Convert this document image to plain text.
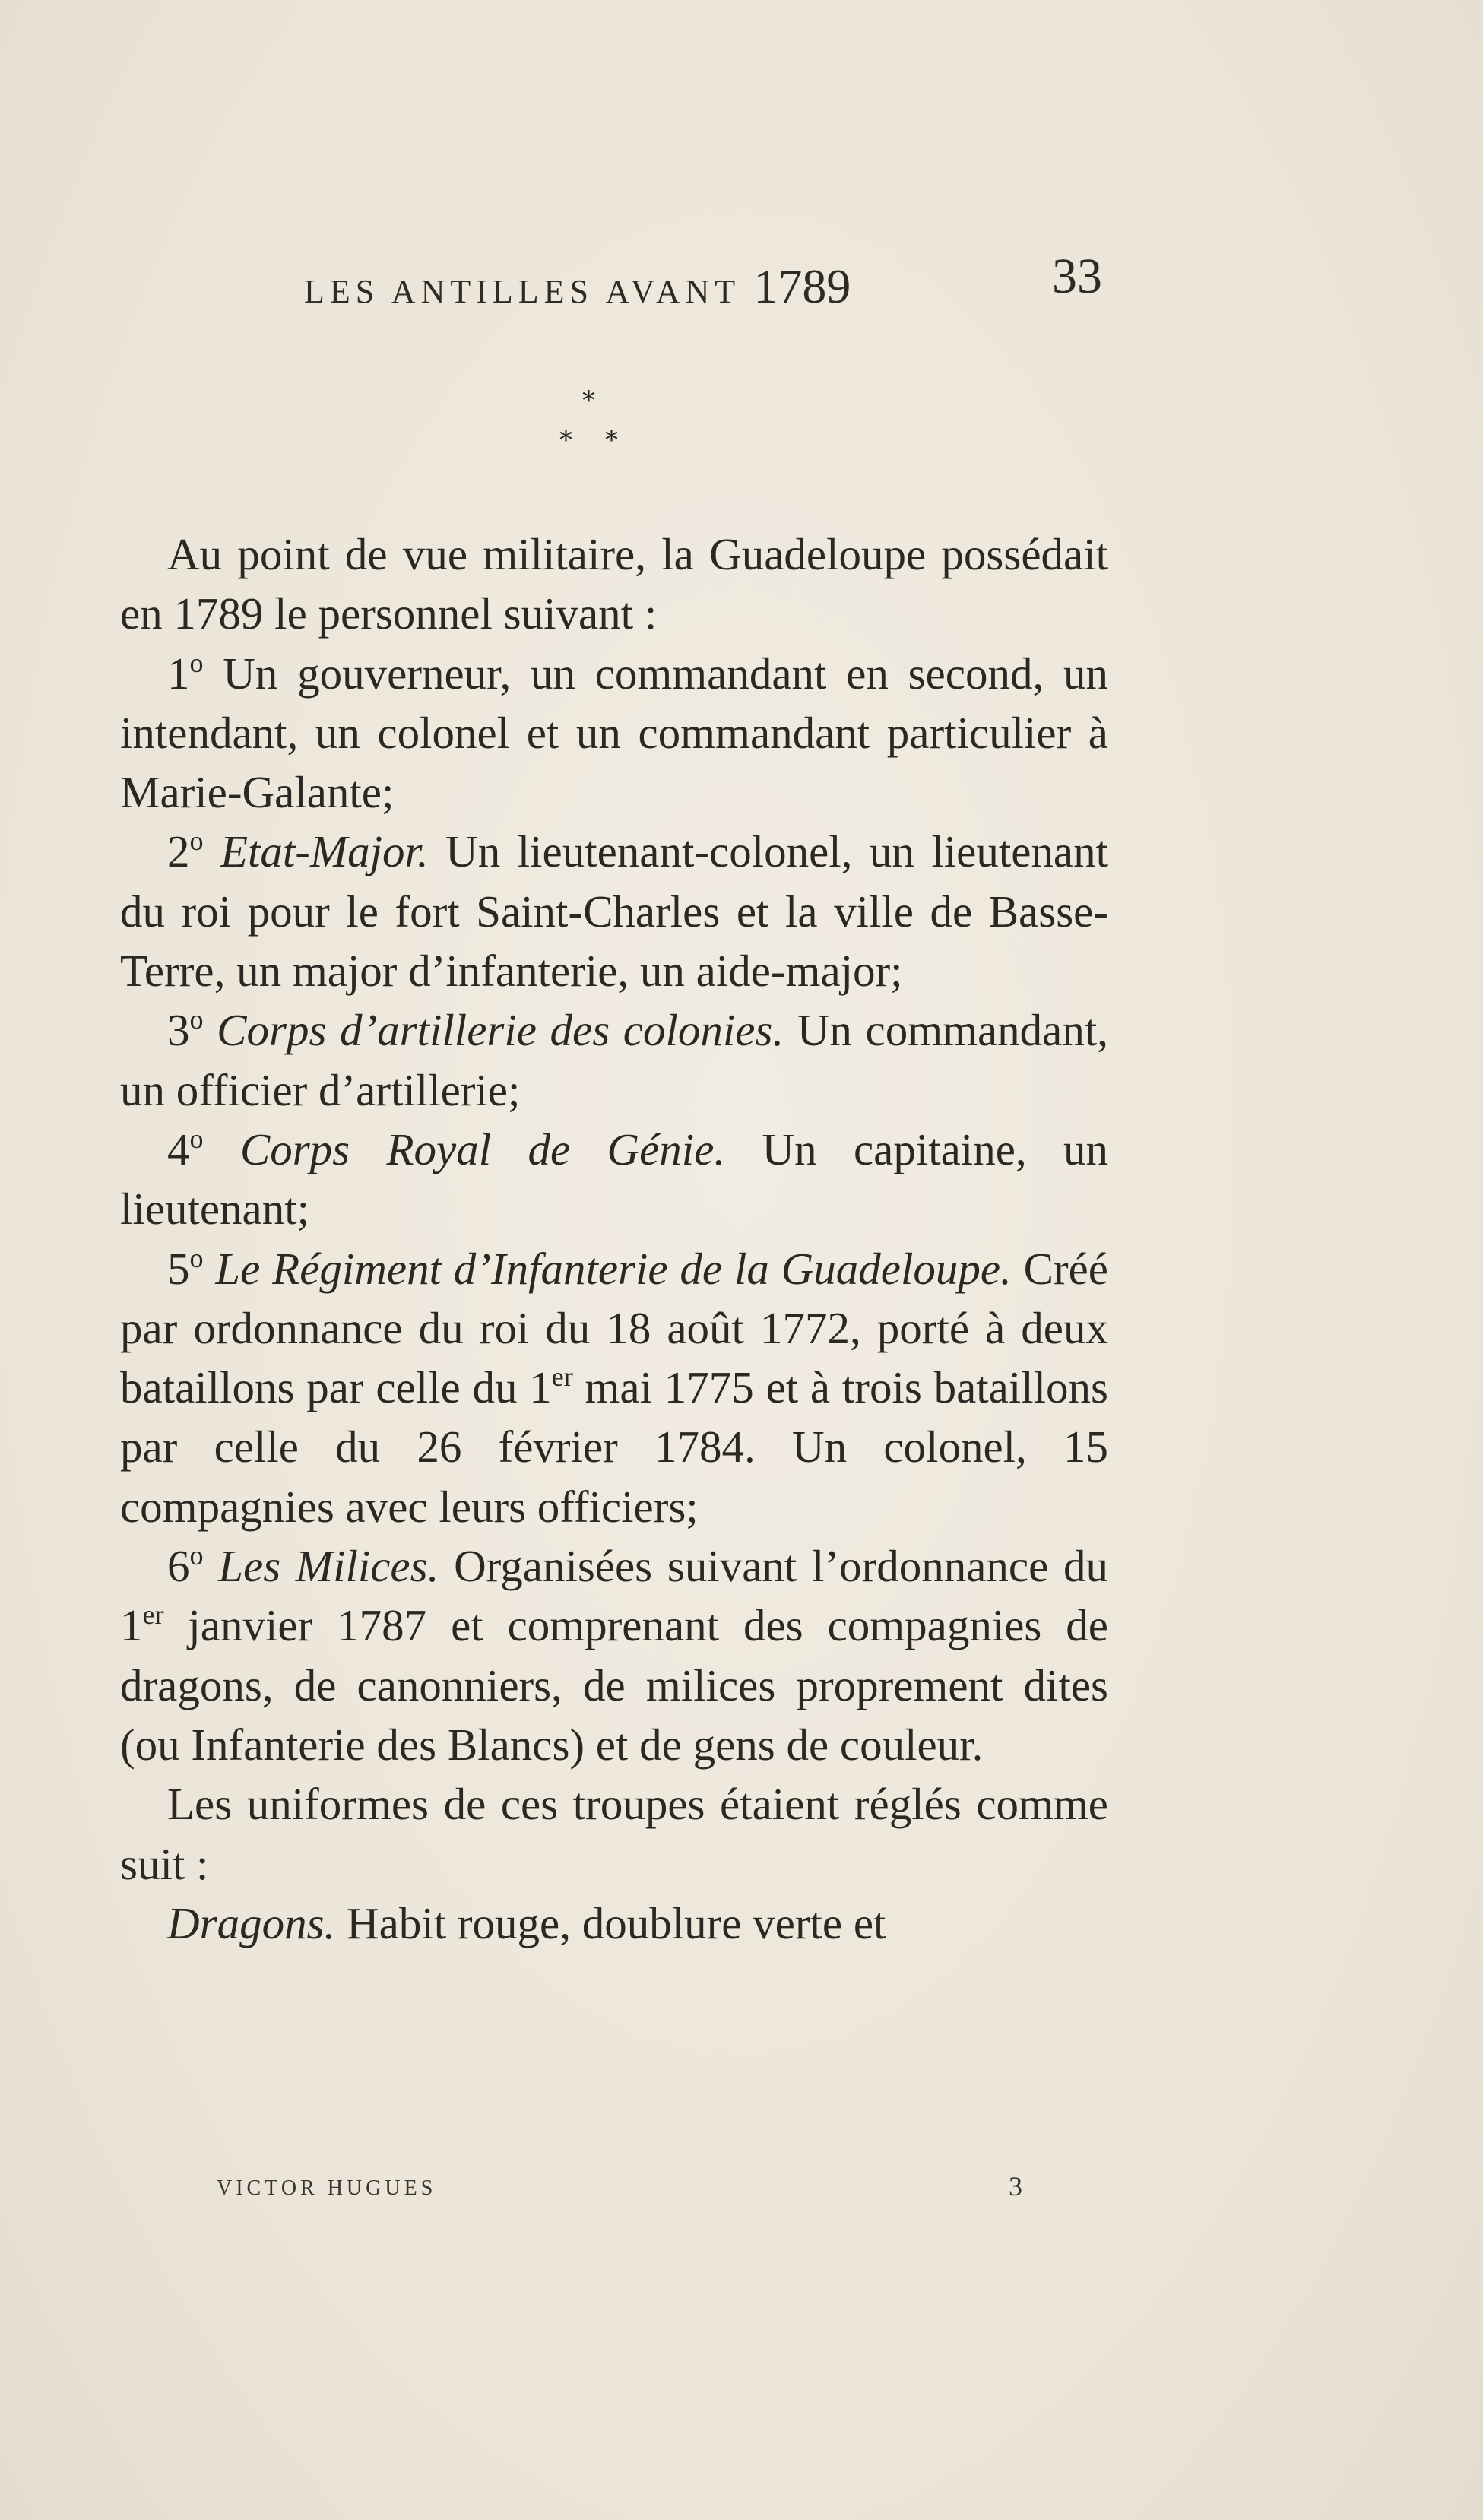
LES ANTILLES AVANT 1789	33
*
* *

Au point de vue militaire, la Guadeloupe possédait en 1789 le personnel suivant :

1$^o$ Un gouverneur, un commandant en second, un intendant, un colonel et un commandant particulier à Marie-Galante;

2$^o$ Etat-Major. Un lieutenant-colonel, un lieutenant du roi pour le fort Saint-Charles et la ville de Basse-Terre, un major d’infanterie, un aide-major;

3$^o$ Corps d’artillerie des colonies. Un commandant, un officier d’artillerie;

4$^o$ Corps Royal de Génie. Un capitaine, un lieutenant;

5$^o$ Le Régiment d’Infanterie de la Guadeloupe. Créé par ordonnance du roi du 18 août 1772, porté à deux bataillons par celle du 1er mai 1775 et à trois bataillons par celle du 26 février 1784. Un colonel, 15 compagnies avec leurs officiers;

6$^o$ Les Milices. Organisées suivant l’ordonnance du 1er janvier 1787 et comprenant des compagnies de dragons, de canonniers, de milices proprement dites (ou Infanterie des Blancs) et de gens de couleur.

Les uniformes de ces troupes étaient réglés comme suit :

Dragons. Habit rouge, doublure verte et

VICTOR HUGUES	3
